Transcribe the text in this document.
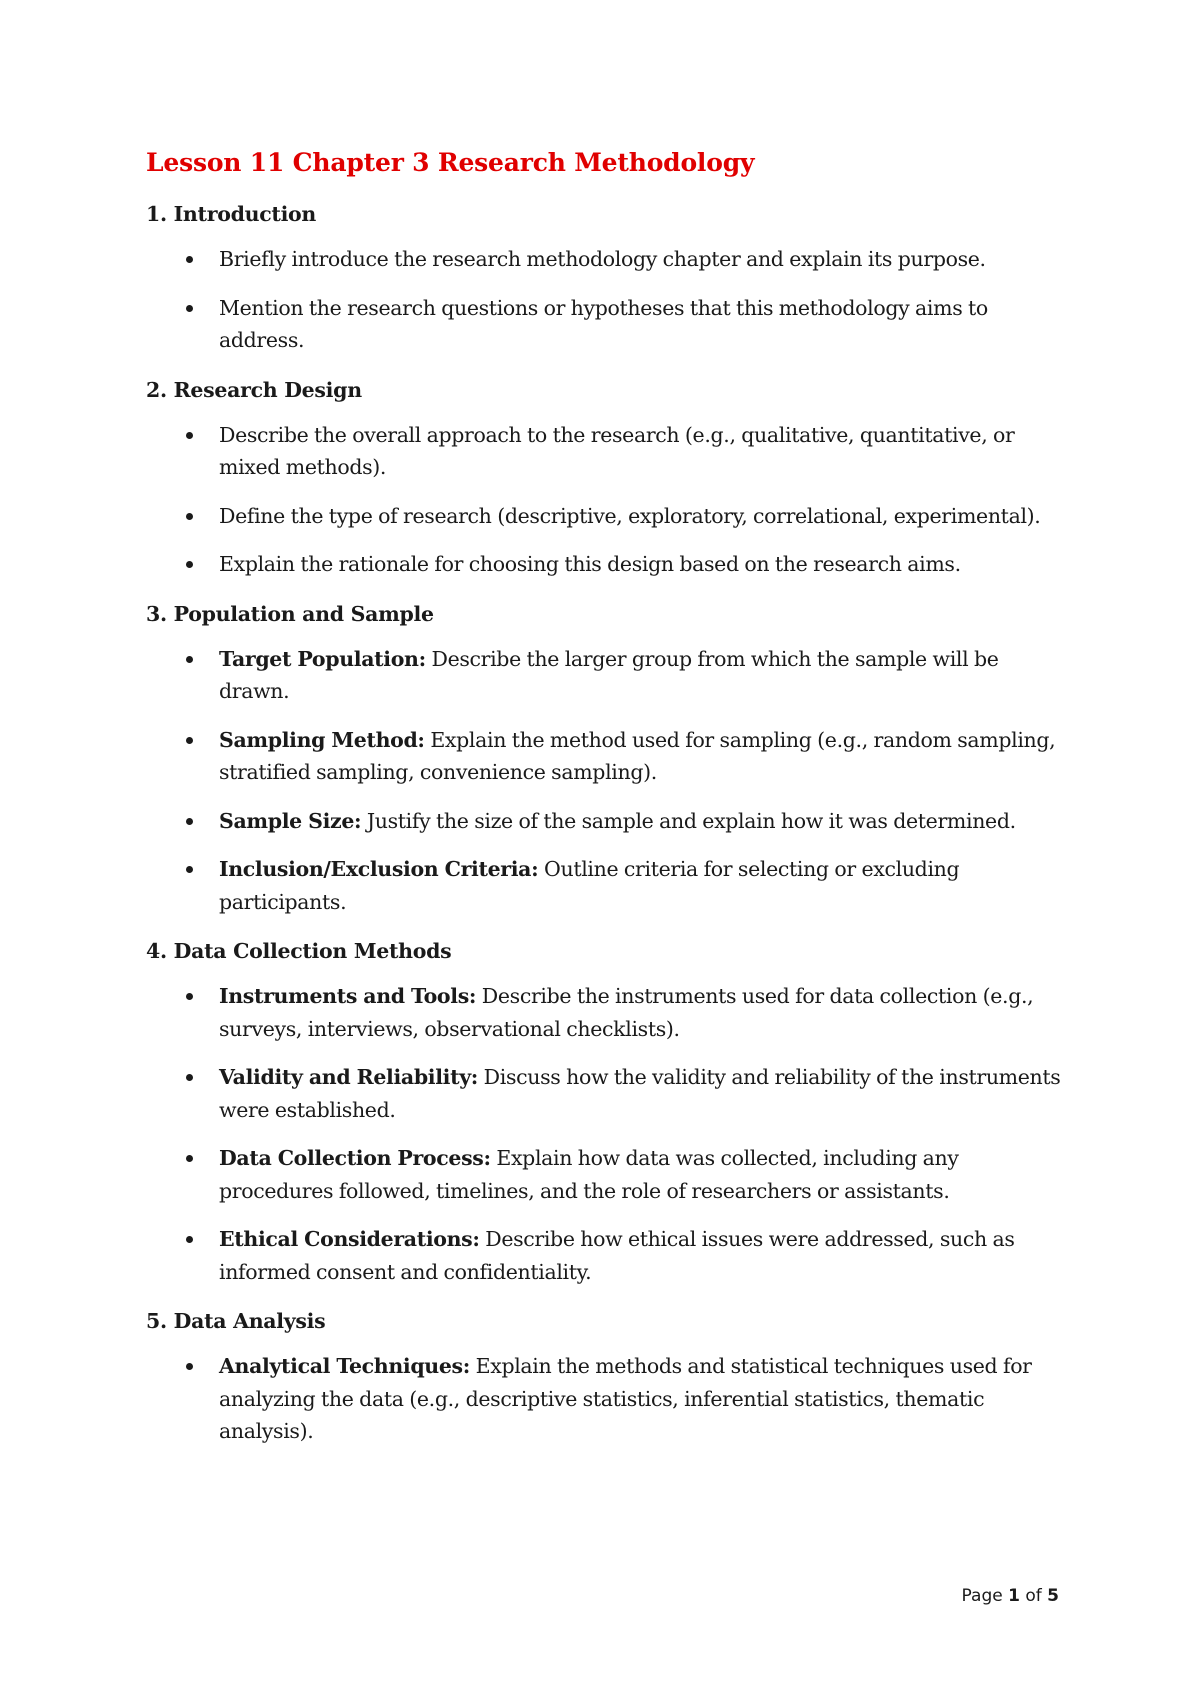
Lesson 11 Chapter 3 Research Methodology
1. Introduction
Briefly introduce the research methodology chapter and explain its purpose.
Mention the research questions or hypotheses that this methodology aims to address.
2. Research Design
Describe the overall approach to the research (e.g., qualitative, quantitative, or mixed methods).
Define the type of research (descriptive, exploratory, correlational, experimental).
Explain the rationale for choosing this design based on the research aims.
3. Population and Sample
Target Population: Describe the larger group from which the sample will be drawn.
Sampling Method: Explain the method used for sampling (e.g., random sampling, stratified sampling, convenience sampling).
Sample Size: Justify the size of the sample and explain how it was determined.
Inclusion/Exclusion Criteria: Outline criteria for selecting or excluding participants.
4. Data Collection Methods
Instruments and Tools: Describe the instruments used for data collection (e.g., surveys, interviews, observational checklists).
Validity and Reliability: Discuss how the validity and reliability of the instruments were established.
Data Collection Process: Explain how data was collected, including any procedures followed, timelines, and the role of researchers or assistants.
Ethical Considerations: Describe how ethical issues were addressed, such as informed consent and confidentiality.
5. Data Analysis
Analytical Techniques: Explain the methods and statistical techniques used for analyzing the data (e.g., descriptive statistics, inferential statistics, thematic analysis).
Page 1 of 5
